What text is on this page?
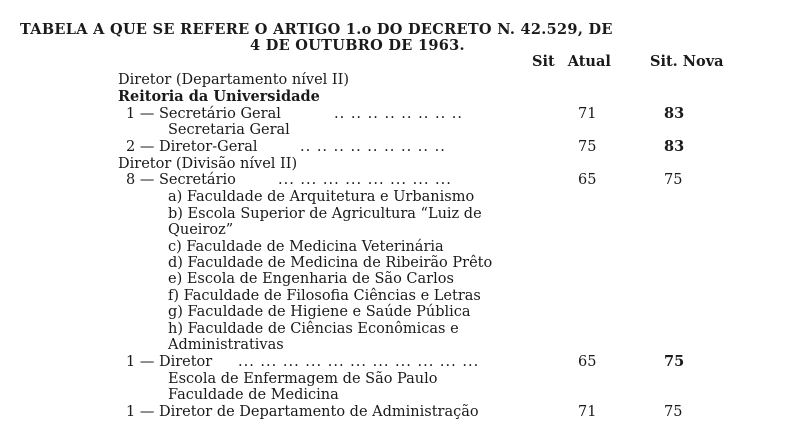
TABELA A QUE SE REFERE O ARTIGO 1.o DO DECRETO N. 42.529, DE
4 DE OUTUBRO DE 1963.
Sit Atual	Sit. Nova
Diretor (Departamento nível II)
Reitoria da Universidade
1 — Secretário Geral	.. .. .. .. .. .. .. ..	71	83
Secretaria Geral
2 — Diretor-Geral	.. .. .. .. .. .. .. .. ..	75	83
Diretor (Divisão nível II)
8 — Secretário	... ... ... ... ... ... ... ...	65	75
a) Faculdade de Arquitetura e Urbanismo
b) Escola Superior de Agricultura “Luiz de
Queiroz”
c) Faculdade de Medicina Veterinária
d) Faculdade de Medicina de Ribeirão Prêto
e) Escola de Engenharia de São Carlos
f) Faculdade de Filosofia Ciências e Letras
g) Faculdade de Higiene e Saúde Pública
h) Faculdade de Ciências Econômicas e
Administrativas
1 — Diretor ... ... ... ... ... ... ... ... ... ... ...	65	75
Escola de Enfermagem de São Paulo
Faculdade de Medicina
1 — Diretor de Departamento de Administração	71	75
